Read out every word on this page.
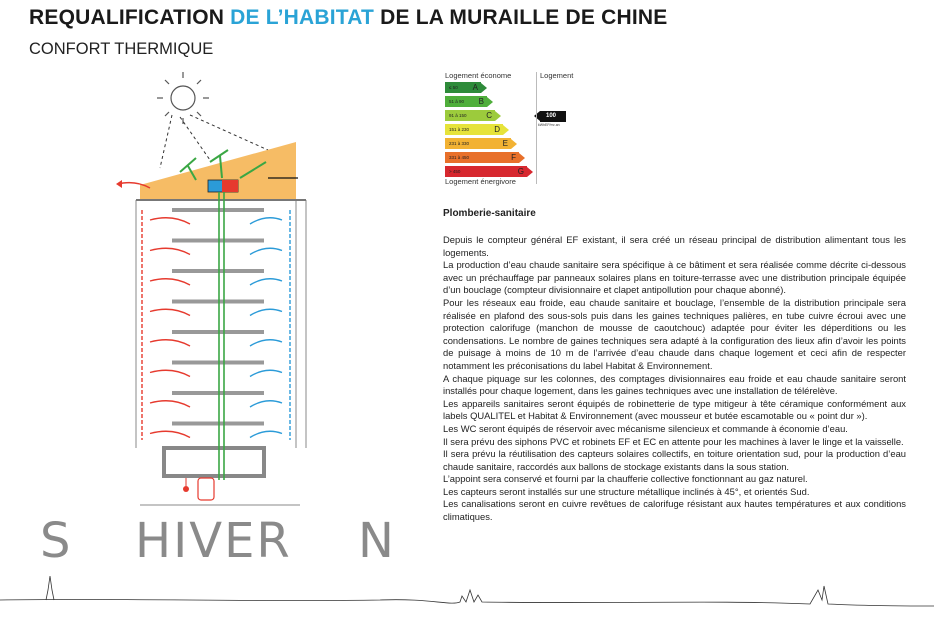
REQUALIFICATION DE L’HABITAT DE LA MURAILLE DE CHINE
CONFORT THERMIQUE
Logement économe	Logement
≤ 50 A
51 à 90 B
91 à 150 C
151 à 230	D
231 à 330	E
331 à 450	F
> 450	G
100
kWhEP/m².an
Logement énergivore
Plomberie-sanitaire

Depuis le compteur général EF existant, il sera créé un réseau principal de distribution alimentant tous les logements.

La production d’eau chaude sanitaire sera spécifique à ce bâtiment et sera réalisée comme décrite ci-dessous avec un préchauffage par panneaux solaires plans en toiture-terrasse avec une distribution principale équipée d’un bouclage (compteur divisionnaire et clapet antipollution pour chaque abonné).

Pour les réseaux eau froide, eau chaude sanitaire et bouclage, l’ensemble de la distribution principale sera réalisée en plafond des sous-sols puis dans les gaines techniques palières, en tube cuivre écroui avec une protection calorifuge (manchon de mousse de caoutchouc) adaptée pour éviter les déperditions ou les condensations. Le nombre de gaines techniques sera adapté à la configuration des lieux afin d’avoir les points de puisage à moins de 10 m de l’arrivée d’eau chaude dans chaque logement et ceci afin de respecter notamment les préconisations du label Habitat & Environnement.

A chaque piquage sur les colonnes, des comptages divisionnaires eau froide et eau chaude sanitaire seront installés pour chaque logement, dans les gaines techniques avec une installation de télérelève.

Les appareils sanitaires seront équipés de robinetterie de type mitigeur à tête céramique conformément aux labels QUALITEL et Habitat & Environnement (avec mousseur et butée escamotable ou « point dur »).

Les WC seront équipés de réservoir avec mécanisme silencieux et commande à économie d’eau.

Il sera prévu des siphons PVC et robinets EF et EC en attente pour les machines à laver le linge et la vaisselle.

Il sera prévu la réutilisation des capteurs solaires collectifs, en toiture orientation sud, pour la production d’eau chaude sanitaire, raccordés aux ballons de stockage existants dans la sous station.

L’appoint sera conservé et fourni par la chaufferie collective fonctionnant au gaz naturel.

Les capteurs seront installés sur une structure métallique inclinés à 45°, et orientés Sud.

Les canalisations seront en cuivre revêtues de calorifuge résistant aux hautes températures et aux conditions climatiques.

S HIVER N
